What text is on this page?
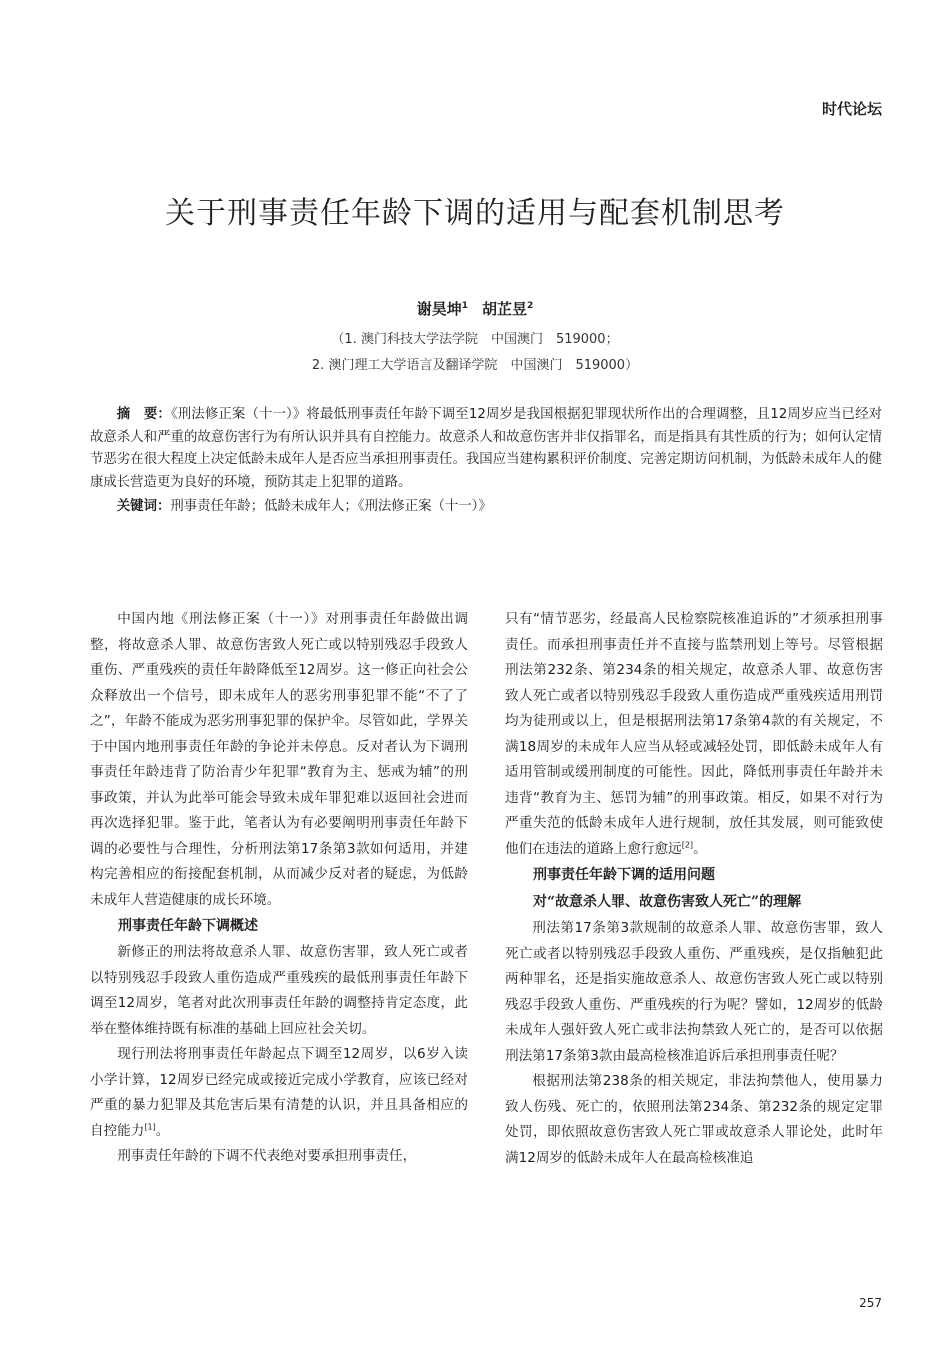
时代论坛
关于刑事责任年龄下调的适用与配套机制思考
谢昊坤$^1$ 胡芷昱$^2$
（1. 澳门科技大学法学院　中国澳门　519000；
2. 澳门理工大学语言及翻译学院　中国澳门　519000）

摘　要：《刑法修正案（十一）》将最低刑事责任年龄下调至12周岁是我国根据犯罪现状所作出的合理调整，且12周岁应当已经对故意杀人和严重的故意伤害行为有所认识并具有自控能力。故意杀人和故意伤害并非仅指罪名，而是指具有其性质的行为；如何认定情节恶劣在很大程度上决定低龄未成年人是否应当承担刑事责任。我国应当建构累积评价制度、完善定期访问机制，为低龄未成年人的健康成长营造更为良好的环境，预防其走上犯罪的道路。

关键词：刑事责任年龄；低龄未成年人；《刑法修正案（十一）》

中国内地《刑法修正案（十一）》对刑事责任年龄做出调整，将故意杀人罪、故意伤害致人死亡或以特别残忍手段致人重伤、严重残疾的责任年龄降低至12周岁。这一修正向社会公众释放出一个信号，即未成年人的恶劣刑事犯罪不能“不了了之”，年龄不能成为恶劣刑事犯罪的保护伞。尽管如此，学界关于中国内地刑事责任年龄的争论并未停息。反对者认为下调刑事责任年龄违背了防治青少年犯罪“教育为主、惩戒为辅”的刑事政策，并认为此举可能会导致未成年罪犯难以返回社会进而再次选择犯罪。鉴于此，笔者认为有必要阐明刑事责任年龄下调的必要性与合理性，分析刑法第17条第3款如何适用，并建构完善相应的衔接配套机制，从而减少反对者的疑虑，为低龄未成年人营造健康的成长环境。

刑事责任年龄下调概述

新修正的刑法将故意杀人罪、故意伤害罪，致人死亡或者以特别残忍手段致人重伤造成严重残疾的最低刑事责任年龄下调至12周岁，笔者对此次刑事责任年龄的调整持肯定态度，此举在整体维持既有标准的基础上回应社会关切。

现行刑法将刑事责任年龄起点下调至12周岁，以6岁入读小学计算，12周岁已经完成或接近完成小学教育，应该已经对严重的暴力犯罪及其危害后果有清楚的认识，并且具备相应的自控能力[1]。

刑事责任年龄的下调不代表绝对要承担刑事责任，

只有“情节恶劣，经最高人民检察院核准追诉的”才须承担刑事责任。而承担刑事责任并不直接与监禁刑划上等号。尽管根据刑法第232条、第234条的相关规定，故意杀人罪、故意伤害致人死亡或者以特别残忍手段致人重伤造成严重残疾适用刑罚均为徒刑或以上，但是根据刑法第17条第4款的有关规定，不满18周岁的未成年人应当从轻或减轻处罚，即低龄未成年人有适用管制或缓刑制度的可能性。因此，降低刑事责任年龄并未违背“教育为主、惩罚为辅”的刑事政策。相反，如果不对行为严重失范的低龄未成年人进行规制，放任其发展，则可能致使他们在违法的道路上愈行愈远[2]。

刑事责任年龄下调的适用问题
对“故意杀人罪、故意伤害致人死亡”的理解

刑法第17条第3款规制的故意杀人罪、故意伤害罪，致人死亡或者以特别残忍手段致人重伤、严重残疾，是仅指触犯此两种罪名，还是指实施故意杀人、故意伤害致人死亡或以特别残忍手段致人重伤、严重残疾的行为呢？譬如，12周岁的低龄未成年人强奸致人死亡或非法拘禁致人死亡的，是否可以依据刑法第17条第3款由最高检核准追诉后承担刑事责任呢？

根据刑法第238条的相关规定，非法拘禁他人，使用暴力致人伤残、死亡的，依照刑法第234条、第232条的规定定罪处罚，即依照故意伤害致人死亡罪或故意杀人罪论处，此时年满12周岁的低龄未成年人在最高检核准追

257
